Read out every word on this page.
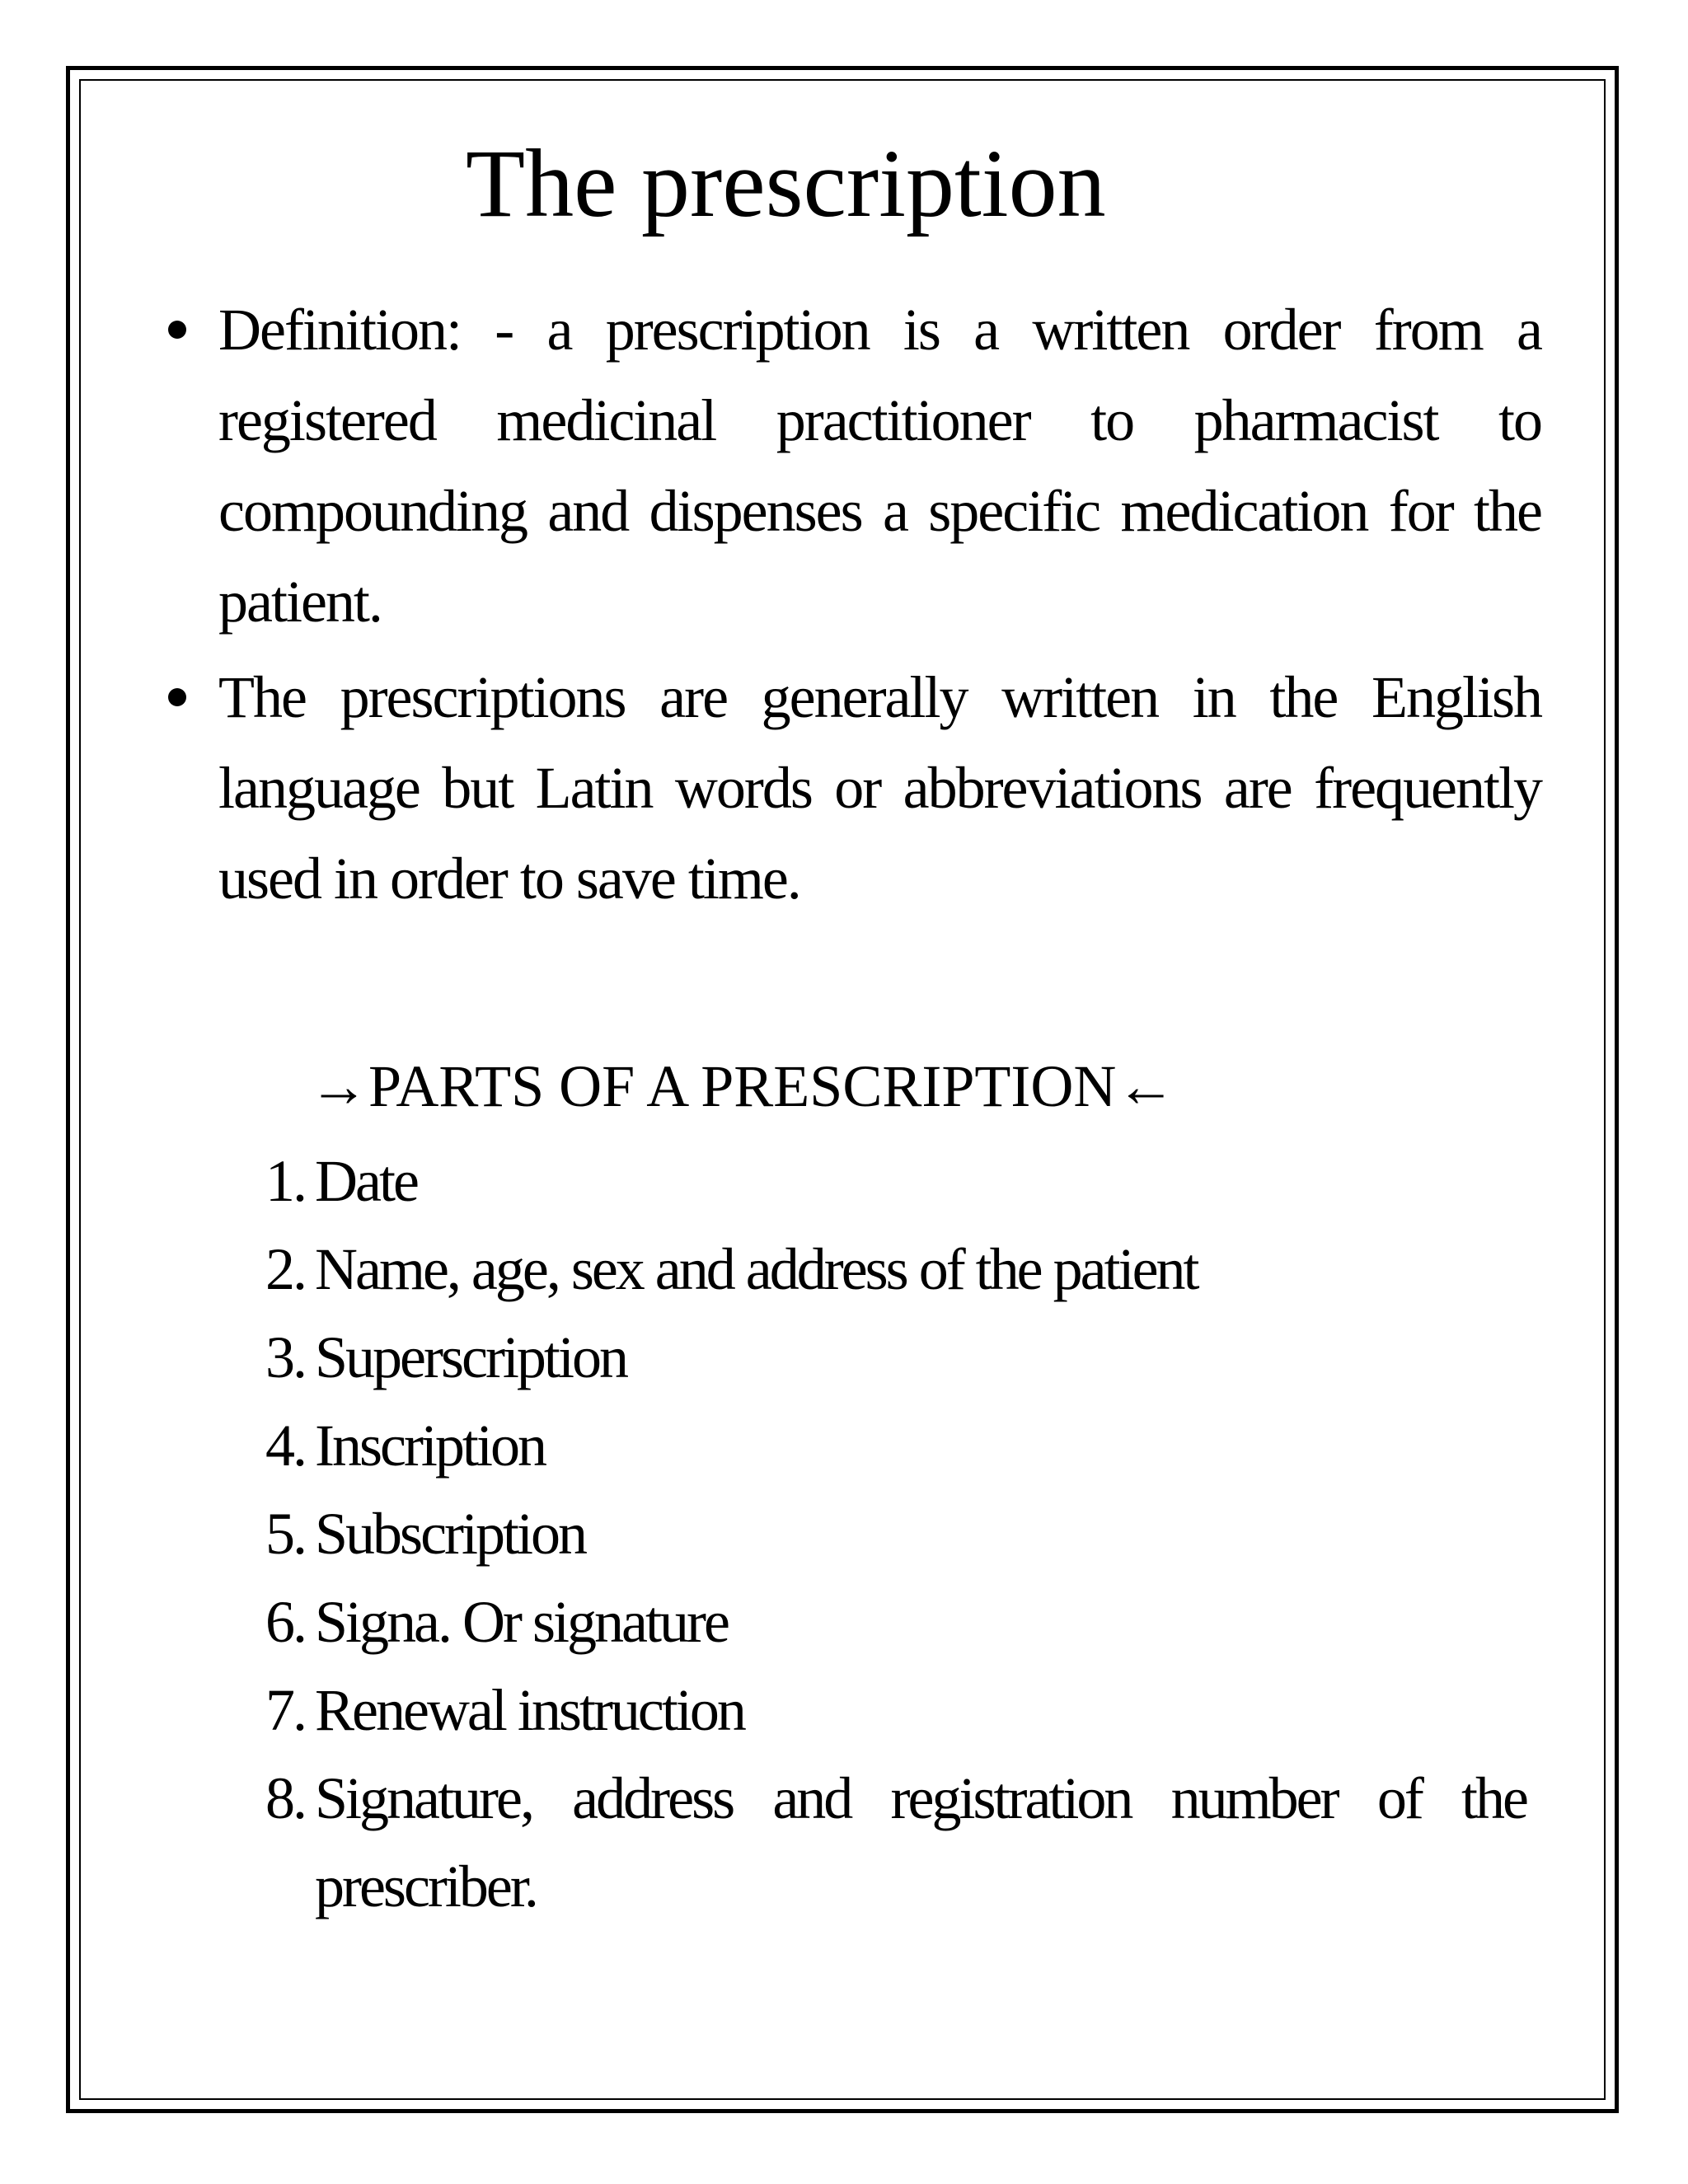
The prescription
Definition: - a prescription is a written order from a registered medicinal practitioner to pharmacist to compounding and dispenses a specific medication for the patient.
The prescriptions are generally written in the English language but Latin words or abbreviations are frequently used in order to save time.
→PARTS OF A PRESCRIPTION←
1. Date
2. Name, age, sex and address of the patient
3. Superscription
4. Inscription
5. Subscription
6. Signa. Or signature
7. Renewal instruction
8. Signature, address and registration number of the prescriber.
